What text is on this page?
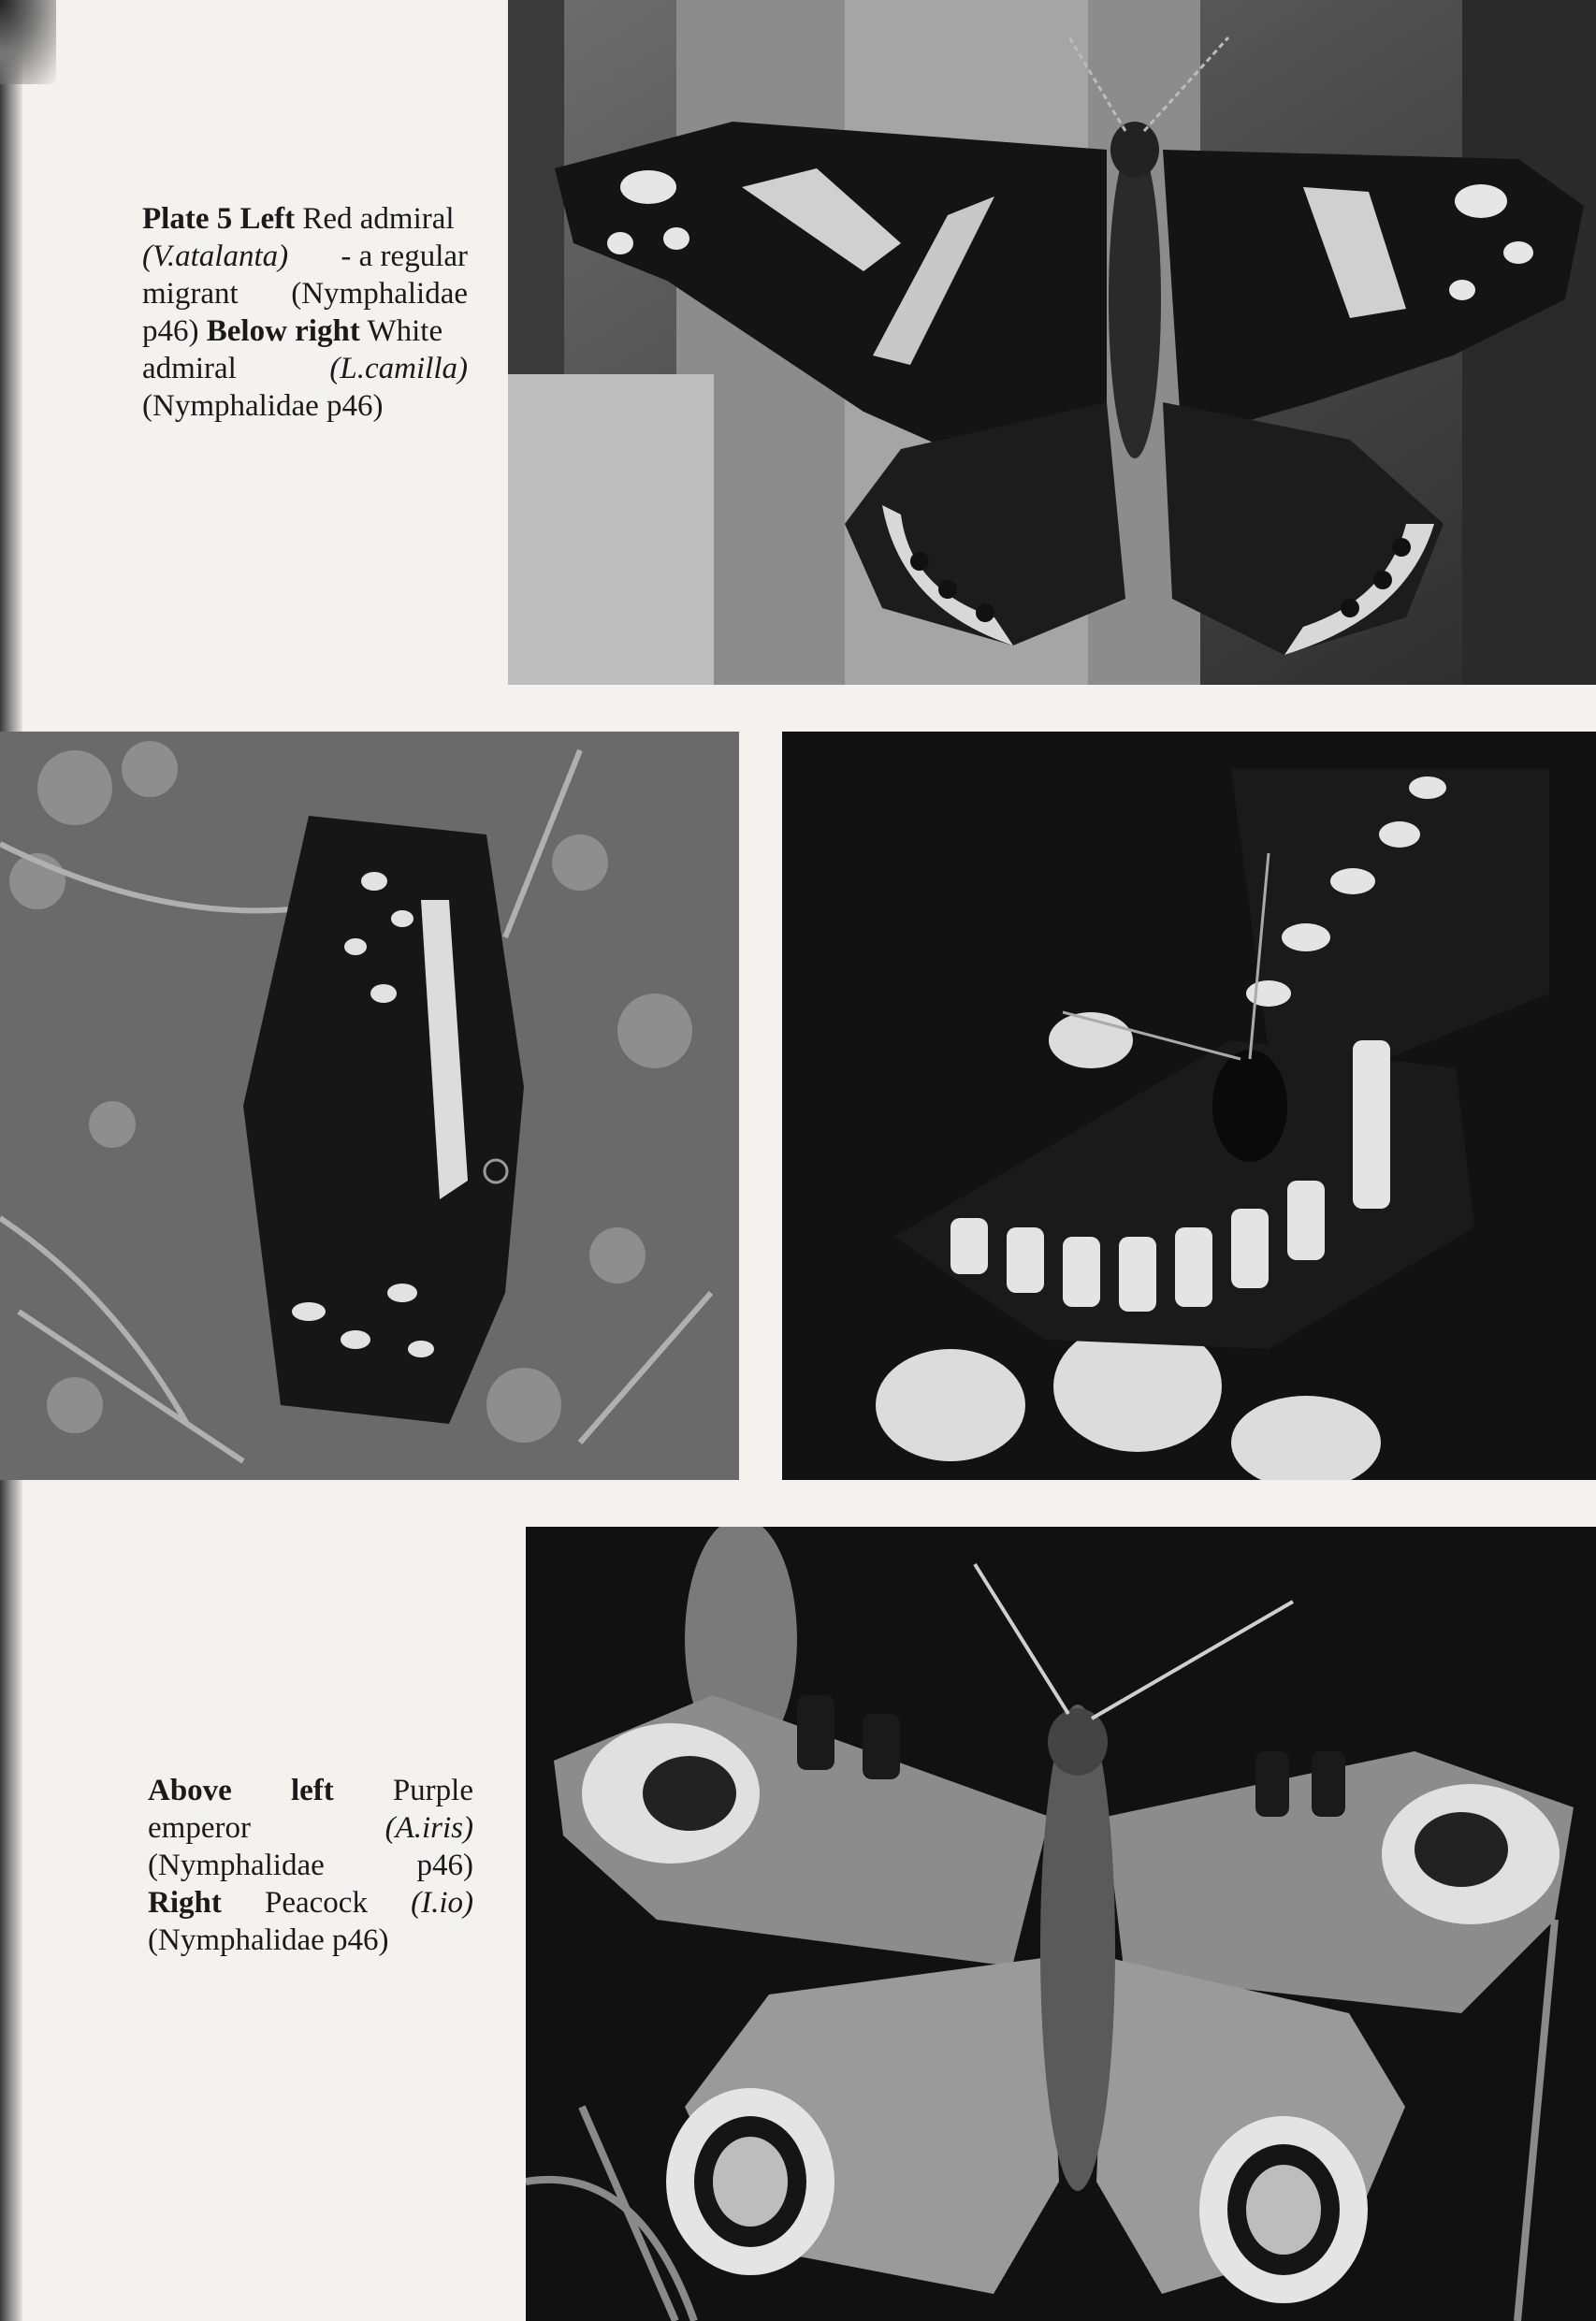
Plate 5 Left Red admiral
(V.atalanta) - a regular
migrant (Nymphalidae
p46) Below right White
admiral	(L.camilla)
(Nymphalidae p46)
Above left Purple
emperor	(A.iris)
(Nymphalidae	p46)
Right Peacock (I.io)
(Nymphalidae p46)
